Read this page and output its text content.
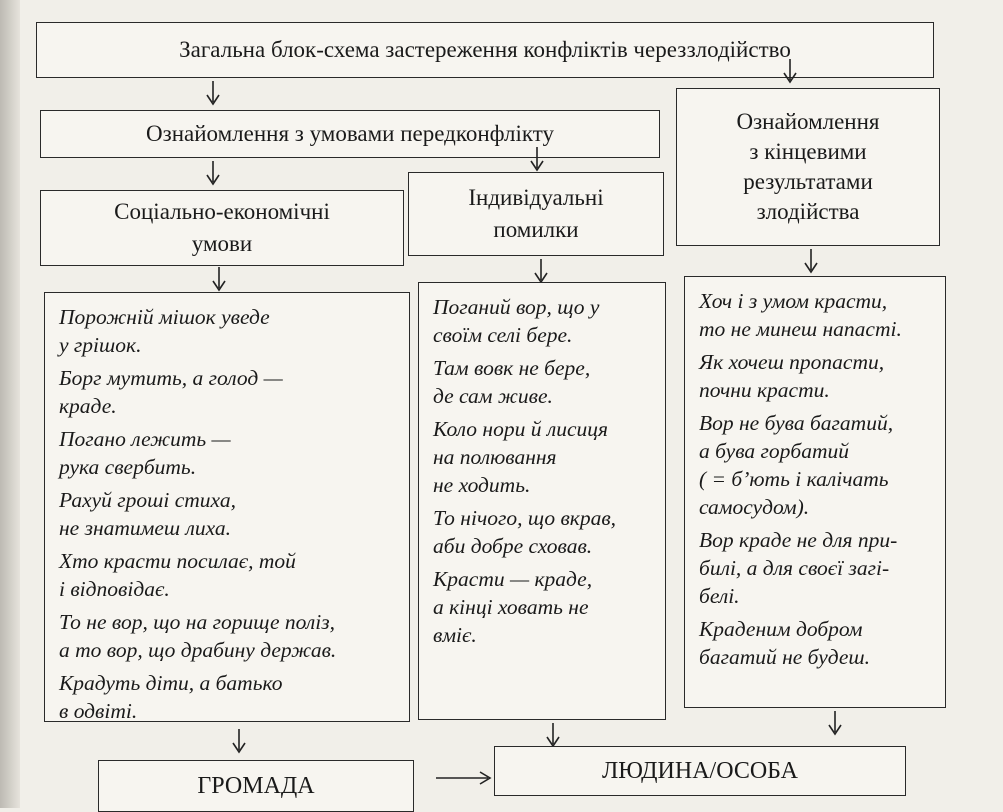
Загальна блок-схема застереження конфліктів череззлодійство
Ознайомлення з умовами передконфлікту	Ознайомлення
з кінцевими
результатами
злодійства
Соціально-економічні
умови
Індивідуальні
помилки
Порожній мішок уведе
у грішок.
Борг мутить, а голод —
краде.
Погано лежить —
рука свербить.
Рахуй гроші стиха,
не знатимеш лиха.
Хто красти посилає, той
і відповідає.
То не вор, що на горище поліз,
а то вор, що драбину держав.
Крадуть діти, а батько
в одвіті.
Поганий вор, що у
своїм селі бере.
Там вовк не бере,
де сам живе.
Коло нори й лисиця
на полювання
не ходить.
То нічого, що вкрав,
аби добре сховав.
Красти — краде,
а кінці ховать не
вміє.
Хоч і з умом красти,
то не минеш напасті.
Як хочеш пропасти,
почни красти.
Вор не бува багатий,
а бува горбатий
( = б’ють і калічать
самосудом).
Вор краде не для при-
билі, а для своєї загі-
белі.
Краденим добром
багатий не будеш.
ГРОМАДА
ЛЮДИНА/ОСОБА
